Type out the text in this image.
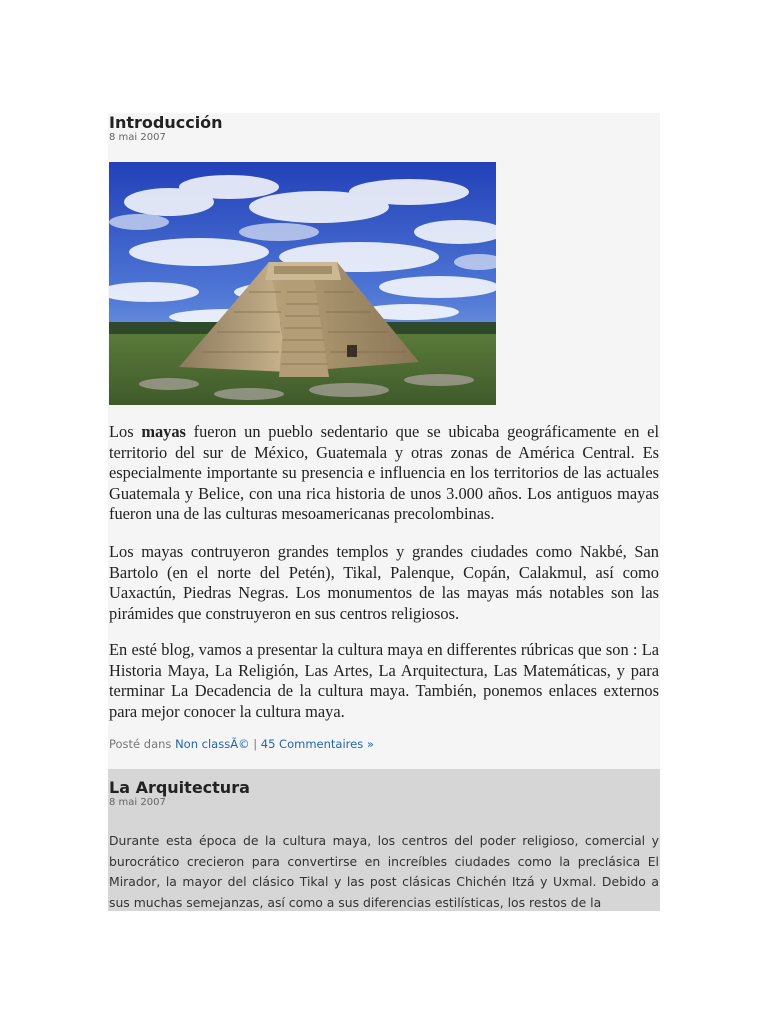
Introducción
8 mai 2007

Los mayas fueron un pueblo sedentario que se ubicaba geográficamente en el territorio del sur de México, Guatemala y otras zonas de América Central. Es especialmente importante su presencia e influencia en los territorios de las actuales Guatemala y Belice, con una rica historia de unos 3.000 años. Los antiguos mayas fueron una de las culturas mesoamericanas precolombinas.

Los mayas contruyeron grandes templos y grandes ciudades como Nakbé, San Bartolo (en el norte del Petén), Tikal, Palenque, Copán, Calakmul, así como Uaxactún, Piedras Negras. Los monumentos de las mayas más notables son las pirámides que construyeron en sus centros religiosos.

En esté blog, vamos a presentar la cultura maya en differentes rúbricas que son : La Historia Maya, La Religión, Las Artes, La Arquitectura, Las Matemáticas, y para terminar La Decadencia de la cultura maya. También, ponemos enlaces externos para mejor conocer la cultura maya.

Posté dans Non classÃ© | 45 Commentaires »
La Arquitectura
8 mai 2007

Durante esta época de la cultura maya, los centros del poder religioso, comercial y burocrático crecieron para convertirse en increíbles ciudades como la preclásica El Mirador, la mayor del clásico Tikal y las post clásicas Chichén Itzá y Uxmal. Debido a sus muchas semejanzas, así como a sus diferencias estilísticas, los restos de la
